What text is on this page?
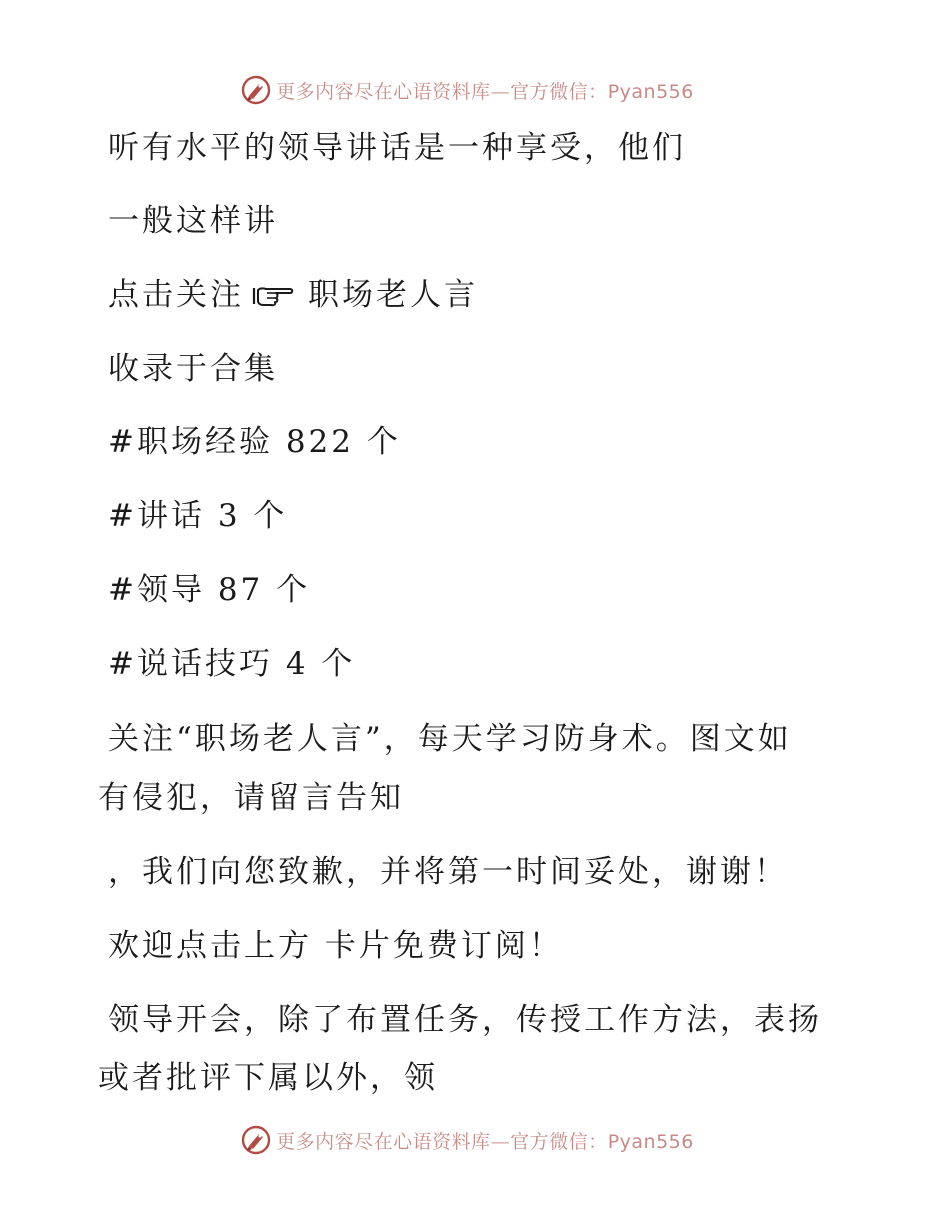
更多内容尽在心语资料库—官方微信：Pyan556
听有水平的领导讲话是一种享受，他们
一般这样讲
点击关注 职场老人言
收录于合集
#职场经验 822 个
#讲话 3 个
#领导 87 个
#说话技巧 4 个
关注“职场老人言”，每天学习防身术。图文如
有侵犯，请留言告知
，我们向您致歉，并将第一时间妥处，谢谢！
欢迎点击上方 卡片免费订阅！
领导开会，除了布置任务，传授工作方法，表扬
或者批评下属以外，领
更多内容尽在心语资料库—官方微信：Pyan556
